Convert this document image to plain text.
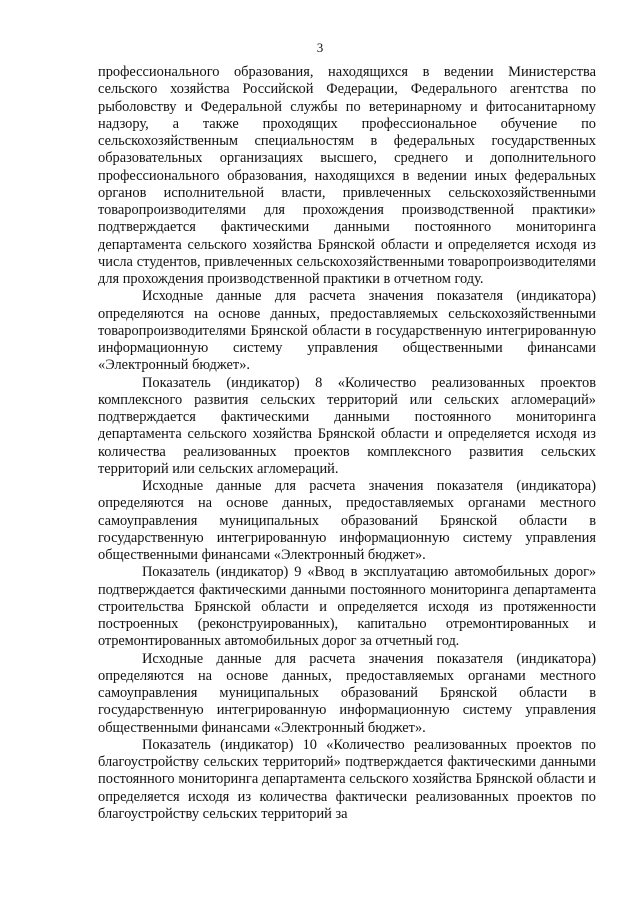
3

профессионального образования, находящихся в ведении Министерства сельского хозяйства Российской Федерации, Федерального агентства по рыболовству и Федеральной службы по ветеринарному и фитосанитарному надзору, а также проходящих профессиональное обучение по сельскохозяйственным специальностям в федеральных государственных образовательных организациях высшего, среднего и дополнительного профессионального образования, находящихся в ведении иных федеральных органов исполнительной власти, привлеченных сельскохозяйственными товаропроизводителями для прохождения производственной практики» подтверждается фактическими данными постоянного мониторинга департамента сельского хозяйства Брянской области и определяется исходя из числа студентов, привлеченных сельскохозяйственными товаропроизводителями для прохождения производственной практики в отчетном году.

Исходные данные для расчета значения показателя (индикатора) определяются на основе данных, предоставляемых сельскохозяйственными товаропроизводителями Брянской области в государственную интегрированную информационную систему управления общественными финансами «Электронный бюджет».

Показатель (индикатор) 8 «Количество реализованных проектов комплексного развития сельских территорий или сельских агломераций» подтверждается фактическими данными постоянного мониторинга департамента сельского хозяйства Брянской области и определяется исходя из количества реализованных проектов комплексного развития сельских территорий или сельских агломераций.

Исходные данные для расчета значения показателя (индикатора) определяются на основе данных, предоставляемых органами местного самоуправления муниципальных образований Брянской области в государственную интегрированную информационную систему управления общественными финансами «Электронный бюджет».

Показатель (индикатор) 9 «Ввод в эксплуатацию автомобильных дорог» подтверждается фактическими данными постоянного мониторинга департамента строительства Брянской области и определяется исходя из протяженности построенных (реконструированных), капитально отремонтированных и отремонтированных автомобильных дорог за отчетный год.

Исходные данные для расчета значения показателя (индикатора) определяются на основе данных, предоставляемых органами местного самоуправления муниципальных образований Брянской области в государственную интегрированную информационную систему управления общественными финансами «Электронный бюджет».

Показатель (индикатор) 10 «Количество реализованных проектов по благоустройству сельских территорий» подтверждается фактическими данными постоянного мониторинга департамента сельского хозяйства Брянской области и определяется исходя из количества фактически реализованных проектов по благоустройству сельских территорий за
